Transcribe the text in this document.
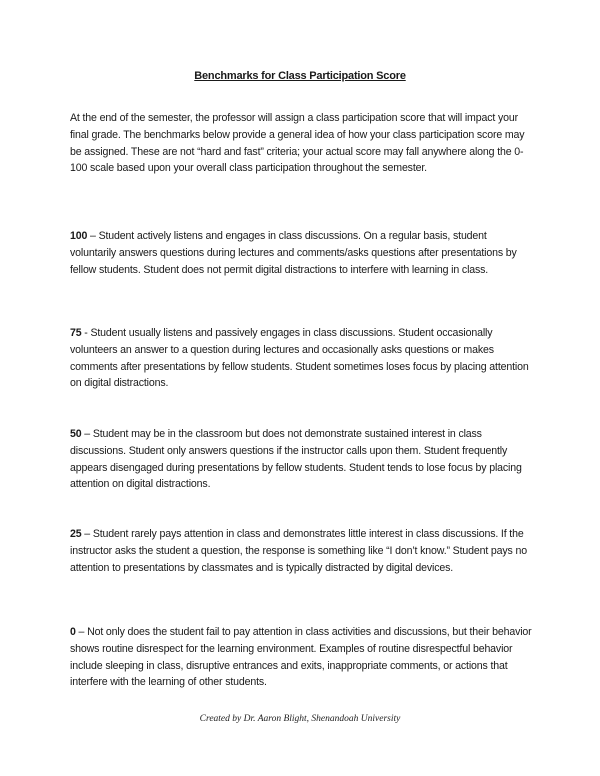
Benchmarks for Class Participation Score

At the end of the semester, the professor will assign a class participation score that will impact your final grade. The benchmarks below provide a general idea of how your class participation score may be assigned. These are not “hard and fast” criteria; your actual score may fall anywhere along the 0-100 scale based upon your overall class participation throughout the semester.

100 – Student actively listens and engages in class discussions. On a regular basis, student voluntarily answers questions during lectures and comments/asks questions after presentations by fellow students. Student does not permit digital distractions to interfere with learning in class.

75 - Student usually listens and passively engages in class discussions. Student occasionally volunteers an answer to a question during lectures and occasionally asks questions or makes comments after presentations by fellow students. Student sometimes loses focus by placing attention on digital distractions.

50 – Student may be in the classroom but does not demonstrate sustained interest in class discussions. Student only answers questions if the instructor calls upon them. Student frequently appears disengaged during presentations by fellow students. Student tends to lose focus by placing attention on digital distractions.

25 – Student rarely pays attention in class and demonstrates little interest in class discussions. If the instructor asks the student a question, the response is something like “I don’t know.” Student pays no attention to presentations by classmates and is typically distracted by digital devices.

0 – Not only does the student fail to pay attention in class activities and discussions, but their behavior shows routine disrespect for the learning environment. Examples of routine disrespectful behavior include sleeping in class, disruptive entrances and exits, inappropriate comments, or actions that interfere with the learning of other students.

Created by Dr. Aaron Blight, Shenandoah University
